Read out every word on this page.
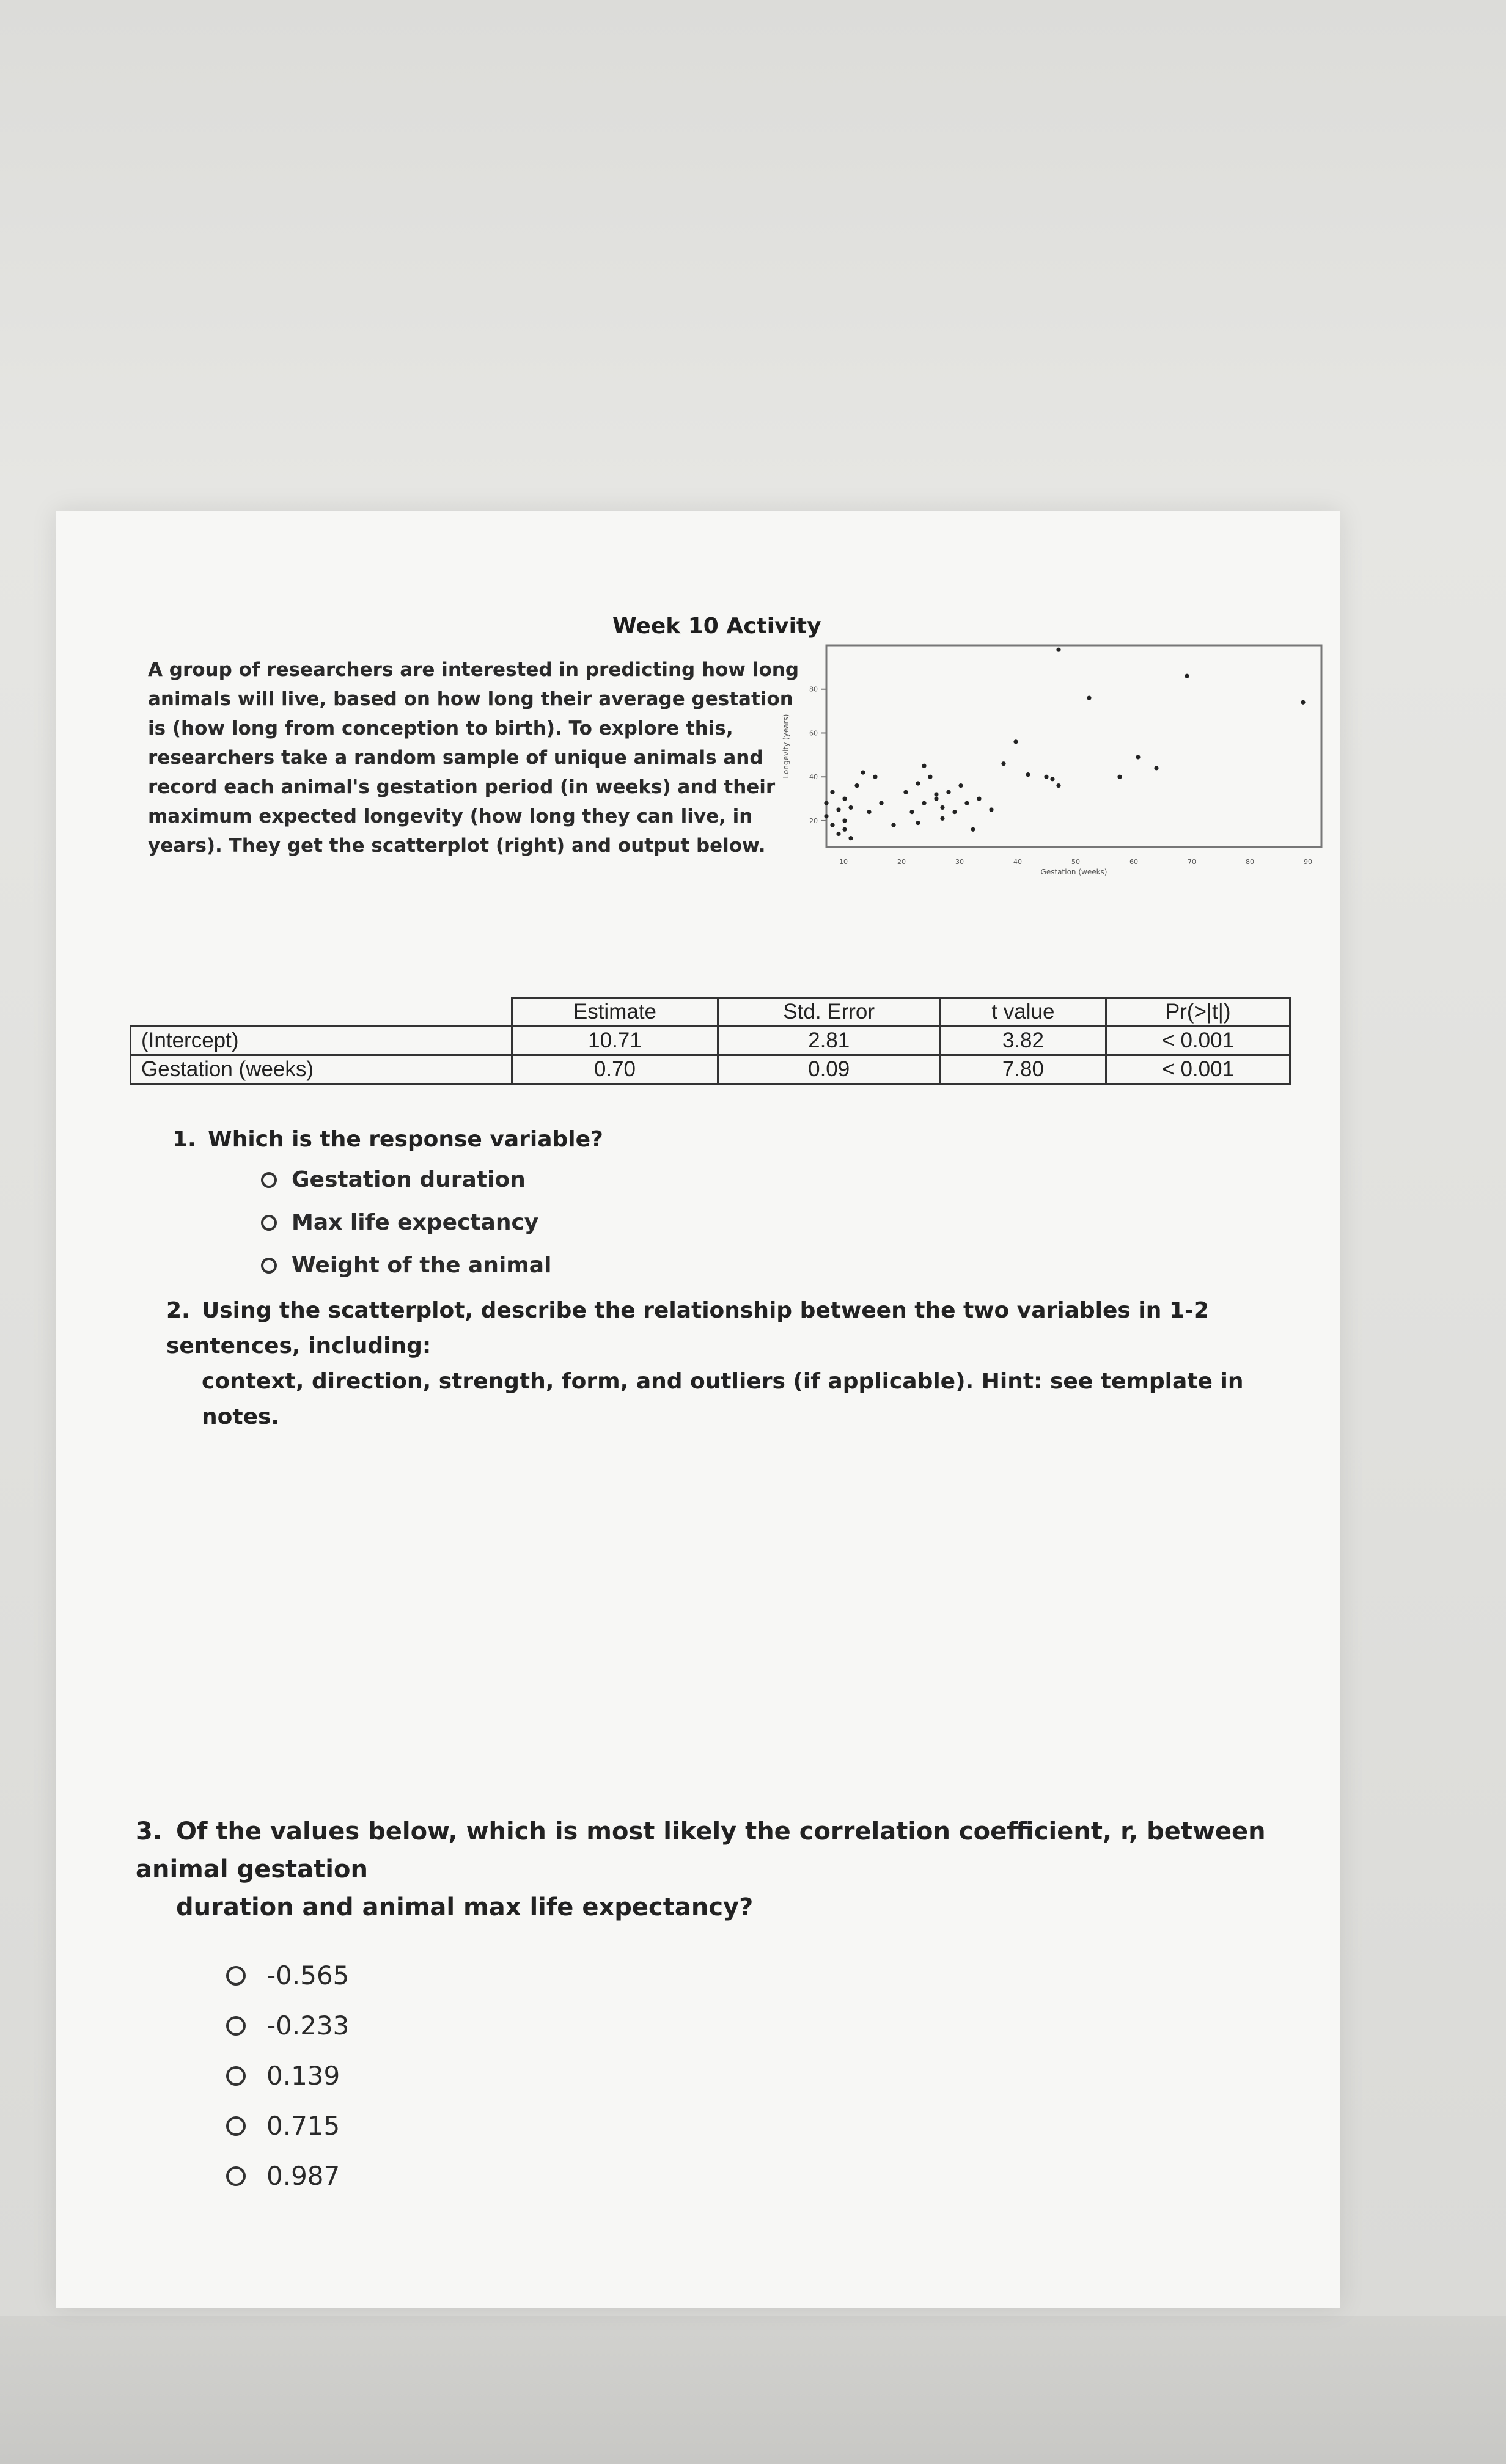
Week 10 Activity
A group of researchers are interested in predicting how long animals will live, based on how long their average gestation is (how long from conception to birth). To explore this, researchers take a random sample of unique animals and record each animal's gestation period (in weeks) and their maximum expected longevity (how long they can live, in years). They get the scatterplot (right) and output below.
Longevity (years)
Gestation (weeks)
20
40
60
80
10	20	30	40	50	60	70	80	90
	Estimate	Std. Error	t value	Pr(>|t|)
(Intercept)	10.71	2.81	3.82	< 0.001
Gestation (weeks)	0.70	0.09	7.80	< 0.001
1. Which is the response variable?
Gestation duration
Max life expectancy
Weight of the animal
2. Using the scatterplot, describe the relationship between the two variables in 1-2 sentences, including:
context, direction, strength, form, and outliers (if applicable). Hint: see template in notes.
3. Of the values below, which is most likely the correlation coefficient, r, between animal gestation
duration and animal max life expectancy?
-0.565
-0.233
0.139
0.715
0.987
